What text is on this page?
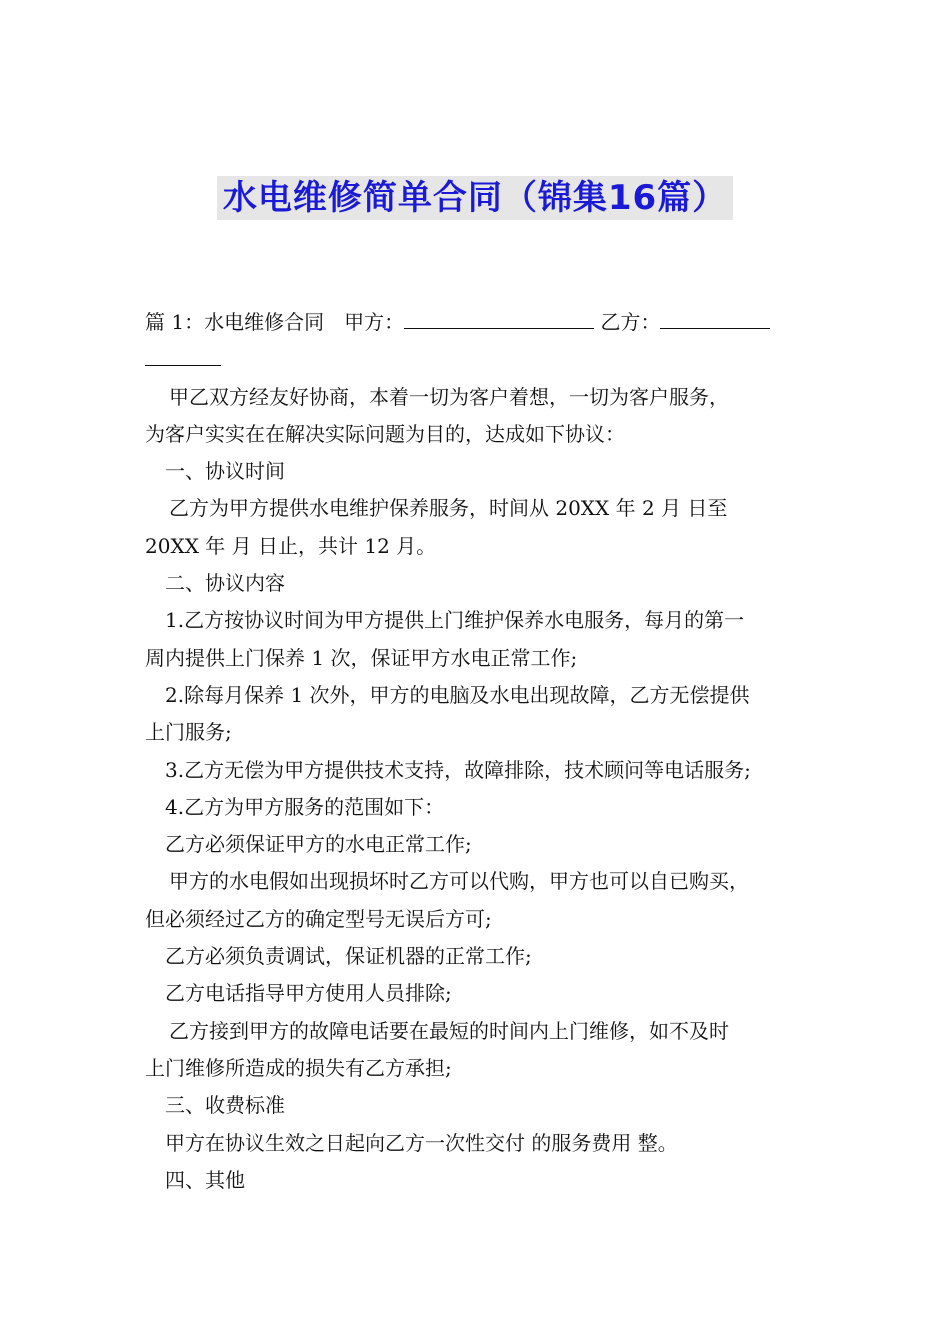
水电维修简单合同（锦集16篇）
篇 1：水电维修合同　甲方：	乙方：
甲乙双方经友好协商，本着一切为客户着想，一切为客户服务，
为客户实实在在解决实际问题为目的，达成如下协议：
一、协议时间
乙方为甲方提供水电维护保养服务，时间从 20XX 年 2 月 日至
20XX 年 月 日止，共计 12 月。
二、协议内容
1.乙方按协议时间为甲方提供上门维护保养水电服务，每月的第一
周内提供上门保养 1 次，保证甲方水电正常工作;
2.除每月保养 1 次外，甲方的电脑及水电出现故障，乙方无偿提供
上门服务;
3.乙方无偿为甲方提供技术支持，故障排除，技术顾问等电话服务;
4.乙方为甲方服务的范围如下：
乙方必须保证甲方的水电正常工作;
甲方的水电假如出现损坏时乙方可以代购，甲方也可以自已购买，
但必须经过乙方的确定型号无误后方可;
乙方必须负责调试，保证机器的正常工作;
乙方电话指导甲方使用人员排除;
乙方接到甲方的故障电话要在最短的时间内上门维修，如不及时
上门维修所造成的损失有乙方承担;
三、收费标准
甲方在协议生效之日起向乙方一次性交付 的服务费用 整。
四、其他
